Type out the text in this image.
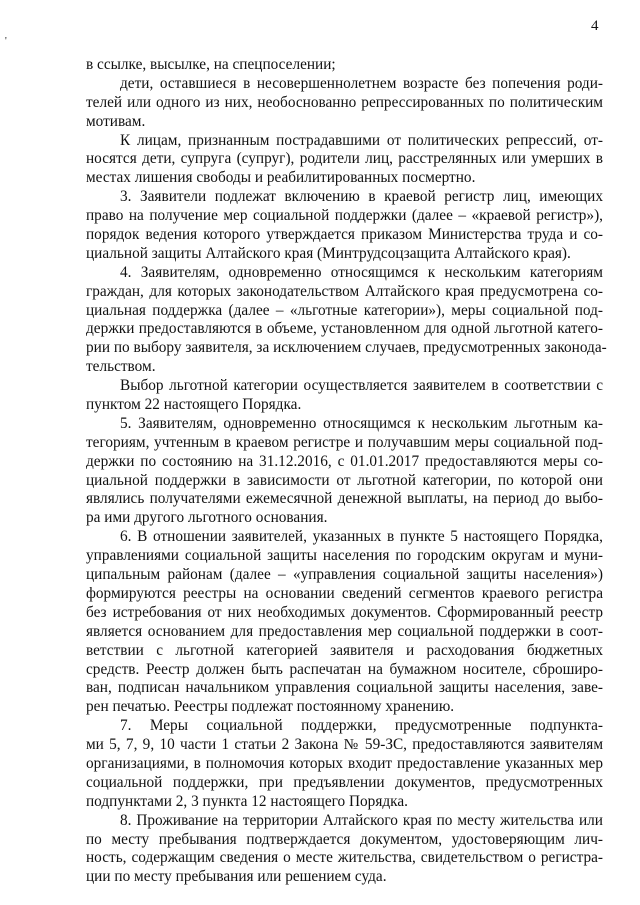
4
'
в ссылке, высылке, на спецпоселении;
дети, оставшиеся в несовершеннолетнем возрасте без попечения роди-
телей или одного из них, необоснованно репрессированных по политическим
мотивам.
К лицам, признанным пострадавшими от политических репрессий, от-
носятся дети, супруга (супруг), родители лиц, расстрелянных или умерших в
местах лишения свободы и реабилитированных посмертно.
3. Заявители подлежат включению в краевой регистр лиц, имеющих
право на получение мер социальной поддержки (далее – «краевой регистр»),
порядок ведения которого утверждается приказом Министерства труда и со-
циальной защиты Алтайского края (Минтрудсоцзащита Алтайского края).
4. Заявителям, одновременно относящимся к нескольким категориям
граждан, для которых законодательством Алтайского края предусмотрена со-
циальная поддержка (далее – «льготные категории»), меры социальной под-
держки предоставляются в объеме, установленном для одной льготной катего-
рии по выбору заявителя, за исключением случаев, предусмотренных законода-
тельством.
Выбор льготной категории осуществляется заявителем в соответствии с
пунктом 22 настоящего Порядка.
5. Заявителям, одновременно относящимся к нескольким льготным ка-
тегориям, учтенным в краевом регистре и получавшим меры социальной под-
держки по состоянию на 31.12.2016, с 01.01.2017 предоставляются меры со-
циальной поддержки в зависимости от льготной категории, по которой они
являлись получателями ежемесячной денежной выплаты, на период до выбо-
ра ими другого льготного основания.
6. В отношении заявителей, указанных в пункте 5 настоящего Порядка,
управлениями социальной защиты населения по городским округам и муни-
ципальным районам (далее – «управления социальной защиты населения»)
формируются реестры на основании сведений сегментов краевого регистра
без истребования от них необходимых документов. Сформированный реестр
является основанием для предоставления мер социальной поддержки в соот-
ветствии с льготной категорией заявителя и расходования бюджетных
средств. Реестр должен быть распечатан на бумажном носителе, сброширо-
ван, подписан начальником управления социальной защиты населения, заве-
рен печатью. Реестры подлежат постоянному хранению.
7. Меры социальной поддержки, предусмотренные подпункта-
ми 5, 7, 9, 10 части 1 статьи 2 Закона № 59-ЗС, предоставляются заявителям
организациями, в полномочия которых входит предоставление указанных мер
социальной поддержки, при предъявлении документов, предусмотренных
подпунктами 2, 3 пункта 12 настоящего Порядка.
8. Проживание на территории Алтайского края по месту жительства или
по месту пребывания подтверждается документом, удостоверяющим лич-
ность, содержащим сведения о месте жительства, свидетельством о регистра-
ции по месту пребывания или решением суда.
